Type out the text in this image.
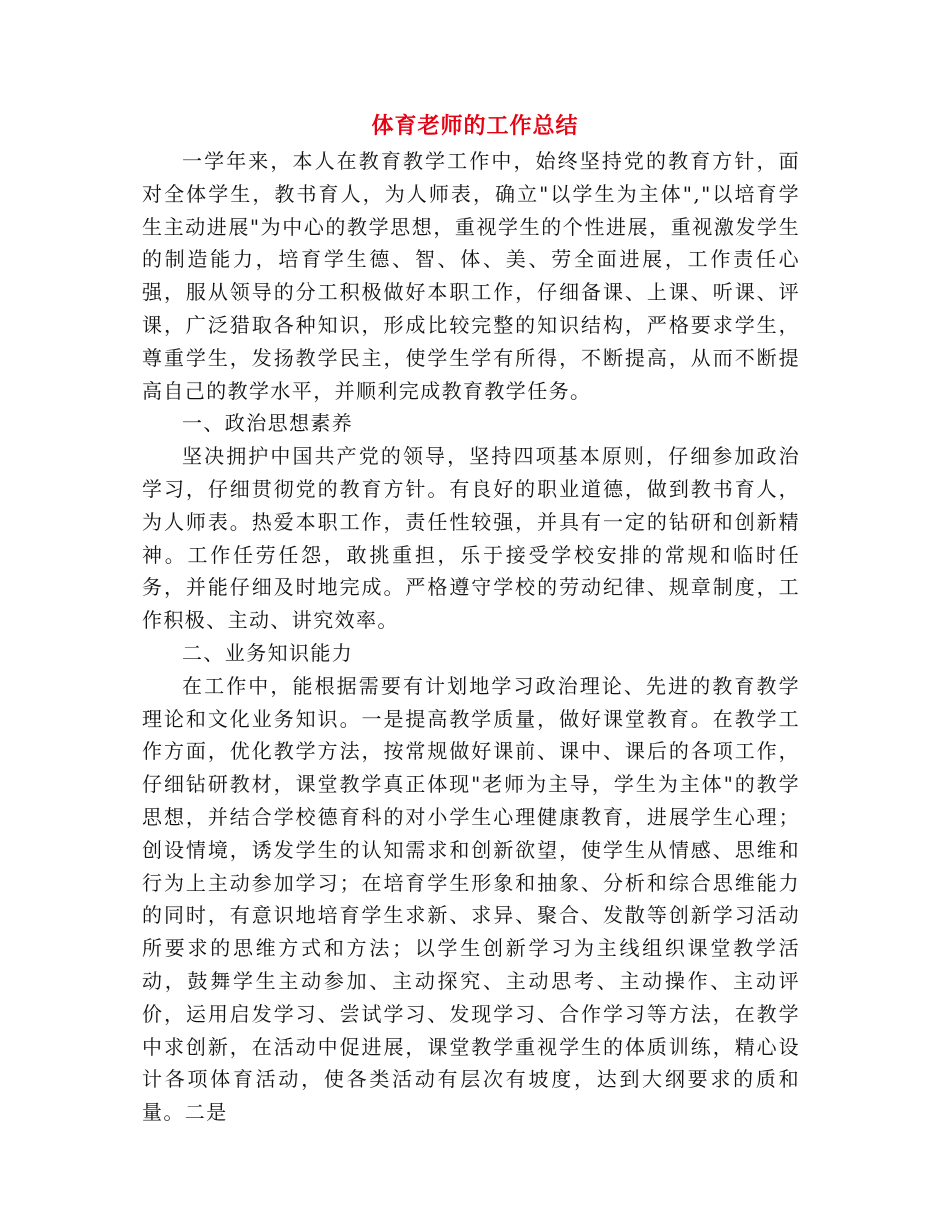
体育老师的工作总结

一学年来，本人在教育教学工作中，始终坚持党的教育方针，面对全体学生，教书育人，为人师表，确立"以学生为主体","以培育学生主动进展"为中心的教学思想，重视学生的个性进展，重视激发学生的制造能力，培育学生德、智、体、美、劳全面进展，工作责任心强，服从领导的分工积极做好本职工作，仔细备课、上课、听课、评课，广泛猎取各种知识，形成比较完整的知识结构，严格要求学生，尊重学生，发扬教学民主，使学生学有所得，不断提高，从而不断提高自己的教学水平，并顺利完成教育教学任务。

一、政治思想素养

坚决拥护中国共产党的领导，坚持四项基本原则，仔细参加政治学习，仔细贯彻党的教育方针。有良好的职业道德，做到教书育人，为人师表。热爱本职工作，责任性较强，并具有一定的钻研和创新精神。工作任劳任怨，敢挑重担，乐于接受学校安排的常规和临时任务，并能仔细及时地完成。严格遵守学校的劳动纪律、规章制度，工作积极、主动、讲究效率。

二、业务知识能力

在工作中，能根据需要有计划地学习政治理论、先进的教育教学理论和文化业务知识。一是提高教学质量，做好课堂教育。在教学工作方面，优化教学方法，按常规做好课前、课中、课后的各项工作，仔细钻研教材，课堂教学真正体现"老师为主导，学生为主体"的教学思想，并结合学校德育科的对小学生心理健康教育，进展学生心理；创设情境，诱发学生的认知需求和创新欲望，使学生从情感、思维和行为上主动参加学习；在培育学生形象和抽象、分析和综合思维能力的同时，有意识地培育学生求新、求异、聚合、发散等创新学习活动所要求的思维方式和方法；以学生创新学习为主线组织课堂教学活动，鼓舞学生主动参加、主动探究、主动思考、主动操作、主动评价，运用启发学习、尝试学习、发现学习、合作学习等方法，在教学中求创新，在活动中促进展，课堂教学重视学生的体质训练，精心设计各项体育活动，使各类活动有层次有坡度，达到大纲要求的质和量。二是
